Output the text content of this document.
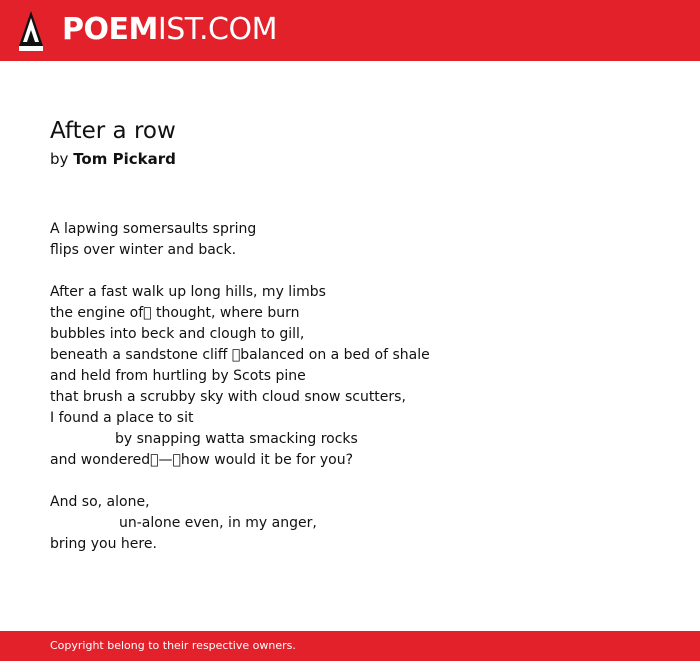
POEMIST.COM
After a row
by Tom Pickard
A lapwing somersaults spring
flips over winter and back.
After a fast walk up long hills, my limbs
the engine of  thought, where burn
bubbles into beck and clough to gill,
beneath a sandstone cliff  balanced on a bed of shale
and held from hurtling by Scots pine
that brush a scrubby sky with cloud snow scutters,
I found a place to sit
by snapping watta smacking rocks
and wondered — how would it be for you?
And so, alone,
un-alone even, in my anger,
bring you here.
Copyright belong to their respective owners.
